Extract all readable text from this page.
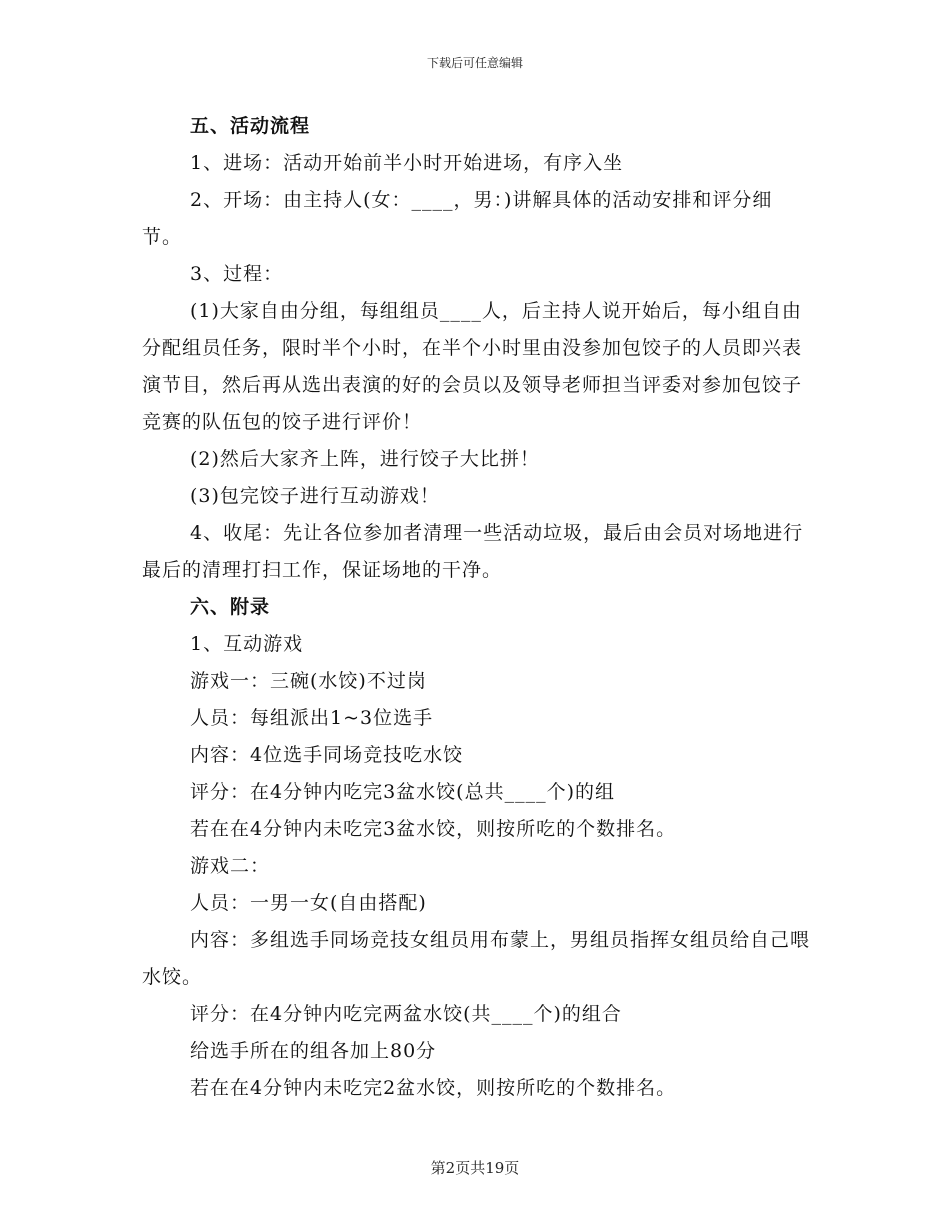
下载后可任意编辑
五、活动流程
1、进场：活动开始前半小时开始进场，有序入坐
2、开场：由主持人(女：____，男：)讲解具体的活动安排和评分细节。
3、过程：
(1)大家自由分组，每组组员____人，后主持人说开始后，每小组自由分配组员任务，限时半个小时，在半个小时里由没参加包饺子的人员即兴表演节目，然后再从选出表演的好的会员以及领导老师担当评委对参加包饺子竞赛的队伍包的饺子进行评价！
(2)然后大家齐上阵，进行饺子大比拼！
(3)包完饺子进行互动游戏！
4、收尾：先让各位参加者清理一些活动垃圾，最后由会员对场地进行最后的清理打扫工作，保证场地的干净。
六、附录
1、互动游戏
游戏一：三碗(水饺)不过岗
人员：每组派出1~3位选手
内容：4位选手同场竞技吃水饺
评分：在4分钟内吃完3盆水饺(总共____个)的组
若在在4分钟内未吃完3盆水饺，则按所吃的个数排名。
游戏二：
人员：一男一女(自由搭配)
内容：多组选手同场竞技女组员用布蒙上，男组员指挥女组员给自己喂水饺。
评分：在4分钟内吃完两盆水饺(共____个)的组合
给选手所在的组各加上80分
若在在4分钟内未吃完2盆水饺，则按所吃的个数排名。
第2页共19页
